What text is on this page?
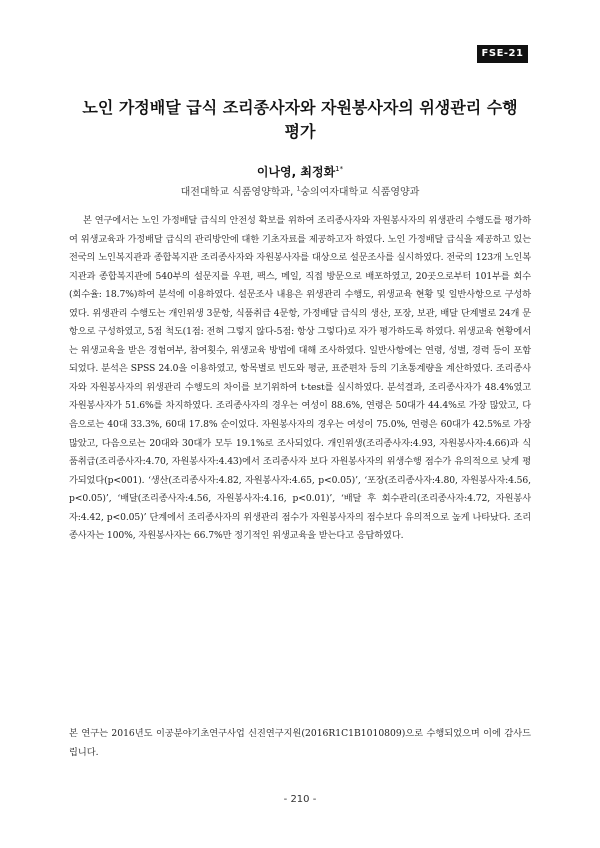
FSE-21
노인 가정배달 급식 조리종사자와 자원봉사자의 위생관리 수행 평가
이나영, 최정화$^{1*}$
대전대학교 식품영양학과, $^1$숭의여자대학교 식품영양과

본 연구에서는 노인 가정배달 급식의 안전성 확보를 위하여 조리종사자와 자원봉사자의 위생관리 수행도를 평가하여 위생교육과 가정배달 급식의 관리방안에 대한 기초자료를 제공하고자 하였다. 노인 가정배달 급식을 제공하고 있는 전국의 노인복지관과 종합복지관 조리종사자와 자원봉사자를 대상으로 설문조사를 실시하였다. 전국의 123개 노인복지관과 종합복지관에 540부의 설문지를 우편, 팩스, 메일, 직접 방문으로 배포하였고, 20곳으로부터 101부를 회수(회수율: 18.7%)하여 분석에 이용하였다. 설문조사 내용은 위생관리 수행도, 위생교육 현황 및 일반사항으로 구성하였다. 위생관리 수행도는 개인위생 3문항, 식품취급 4문항, 가정배달 급식의 생산, 포장, 보관, 배달 단계별로 24개 문항으로 구성하였고, 5점 척도(1점: 전혀 그렇지 않다-5점: 항상 그렇다)로 자가 평가하도록 하였다. 위생교육 현황에서는 위생교육을 받은 경험여부, 참여횟수, 위생교육 방법에 대해 조사하였다. 일반사항에는 연령, 성별, 경력 등이 포함되었다. 분석은 SPSS 24.0을 이용하였고, 항목별로 빈도와 평균, 표준편차 등의 기초통계량을 계산하였다. 조리종사자와 자원봉사자의 위생관리 수행도의 차이를 보기위하여 t-test를 실시하였다. 분석결과, 조리종사자가 48.4%였고 자원봉사자가 51.6%를 차지하였다. 조리종사자의 경우는 여성이 88.6%, 연령은 50대가 44.4%로 가장 많았고, 다음으로는 40대 33.3%, 60대 17.8% 순이었다. 자원봉사자의 경우는 여성이 75.0%, 연령은 60대가 42.5%로 가장 많았고, 다음으로는 20대와 30대가 모두 19.1%로 조사되었다. 개인위생(조리종사자:4.93, 자원봉사자:4.66)과 식품취급(조리종사자:4.70, 자원봉사자:4.43)에서 조리종사자 보다 자원봉사자의 위생수행 점수가 유의적으로 낮게 평가되었다(p<001). ‘생산(조리종사자:4.82, 자원봉사자:4.65, p<0.05)’, ‘포장(조리종사자:4.80, 자원봉사자:4.56, p<0.05)’, ‘배달(조리종사자:4.56, 자원봉사자:4.16, p<0.01)’, ‘배달 후 회수관리(조리종사자:4.72, 자원봉사자:4.42, p<0.05)’ 단계에서 조리종사자의 위생관리 점수가 자원봉사자의 점수보다 유의적으로 높게 나타났다. 조리종사자는 100%, 자원봉사자는 66.7%만 정기적인 위생교육을 받는다고 응답하였다.

본 연구는 2016년도 이공분야기초연구사업 신진연구지원(2016R1C1B1010809)으로 수행되었으며 이에 감사드립니다.

- 210 -
